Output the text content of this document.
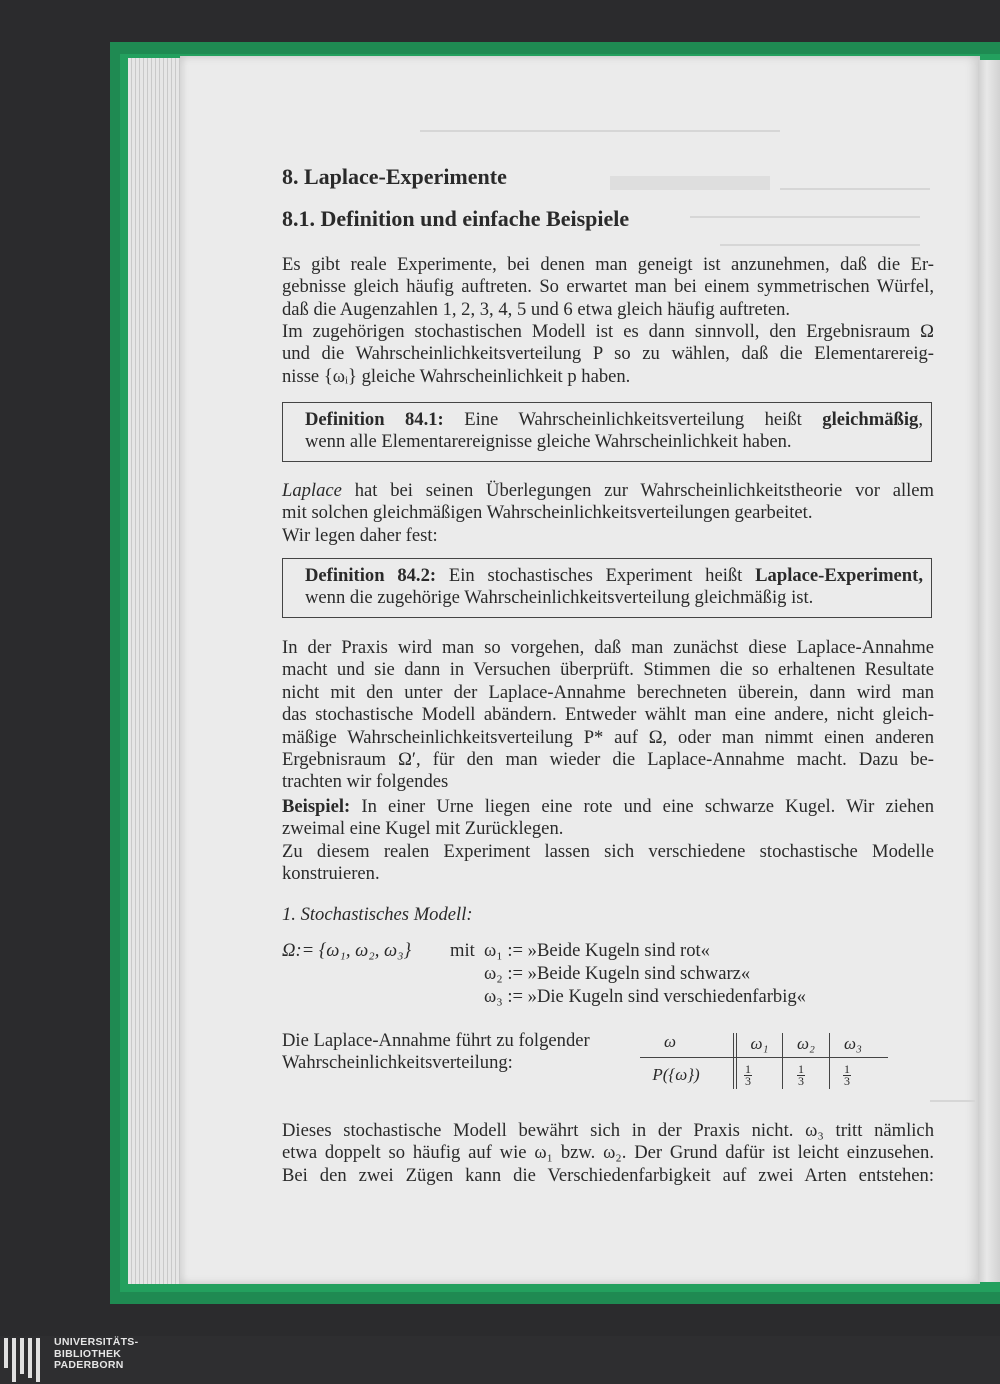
8. Laplace-Experimente
8.1. Definition und einfache Beispiele

Es gibt reale Experimente, bei denen man geneigt ist anzunehmen, daß die Er-
gebnisse gleich häufig auftreten. So erwartet man bei einem symmetrischen Würfel,
daß die Augenzahlen 1, 2, 3, 4, 5 und 6 etwa gleich häufig auftreten.

Im zugehörigen stochastischen Modell ist es dann sinnvoll, den Ergebnisraum Ω
und die Wahrscheinlichkeitsverteilung P so zu wählen, daß die Elementarereig-
nisse {ωᵢ} gleiche Wahrscheinlichkeit p haben.

Definition 84.1: Eine Wahrscheinlichkeitsverteilung heißt gleichmäßig,
wenn alle Elementarereignisse gleiche Wahrscheinlichkeit haben.

Laplace hat bei seinen Überlegungen zur Wahrscheinlichkeitstheorie vor allem
mit solchen gleichmäßigen Wahrscheinlichkeitsverteilungen gearbeitet.
Wir legen daher fest:

Definition 84.2: Ein stochastisches Experiment heißt Laplace-Experiment,
wenn die zugehörige Wahrscheinlichkeitsverteilung gleichmäßig ist.

In der Praxis wird man so vorgehen, daß man zunächst diese Laplace-Annahme
macht und sie dann in Versuchen überprüft. Stimmen die so erhaltenen Resultate
nicht mit den unter der Laplace-Annahme berechneten überein, dann wird man
das stochastische Modell abändern. Entweder wählt man eine andere, nicht gleich-
mäßige Wahrscheinlichkeitsverteilung P* auf Ω, oder man nimmt einen anderen
Ergebnisraum Ω′, für den man wieder die Laplace-Annahme macht. Dazu be-
trachten wir folgendes

Beispiel: In einer Urne liegen eine rote und eine schwarze Kugel. Wir ziehen
zweimal eine Kugel mit Zurücklegen.
Zu diesem realen Experiment lassen sich verschiedene stochastische Modelle
konstruieren.

1. Stochastisches Modell:
Ω:= {ω₁, ω₂, ω₃} mit ω₁ := »Beide Kugeln sind rot«
ω₂ := »Beide Kugeln sind schwarz«
ω₃ := »Die Kugeln sind verschiedenfarbig«
Die Laplace-Annahme führt zu folgender
Wahrscheinlichkeitsverteilung:
ω	ω₁	ω₂	ω₃
P({ω})	$\frac{1}{3}$	$\frac{1}{3}$	$\frac{1}{3}$

Dieses stochastische Modell bewährt sich in der Praxis nicht. ω₃ tritt nämlich
etwa doppelt so häufig auf wie ω₁ bzw. ω₂. Der Grund dafür ist leicht einzusehen.
Bei den zwei Zügen kann die Verschiedenfarbigkeit auf zwei Arten entstehen:

UNIVERSITÄTS-
BIBLIOTHEK
PADERBORN
